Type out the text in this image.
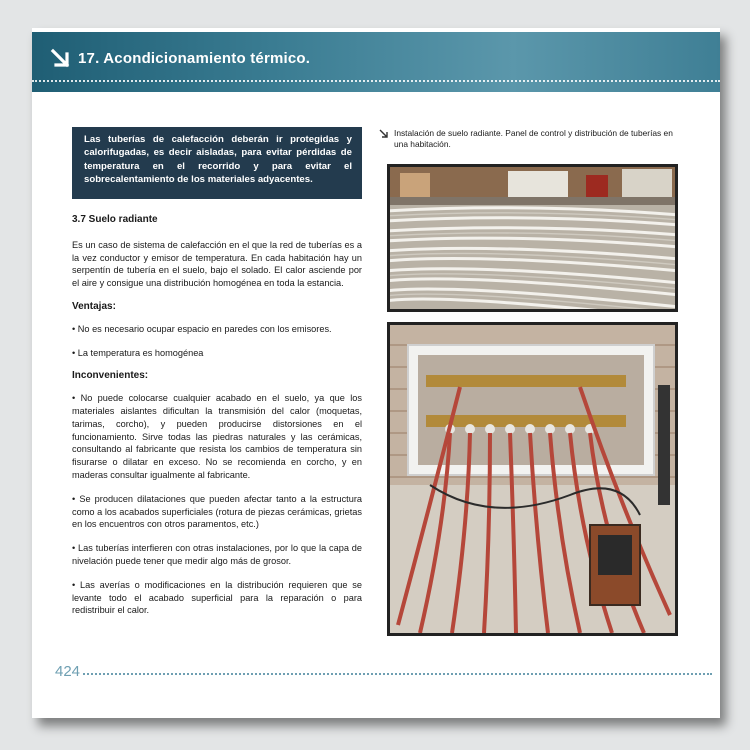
17. Acondicionamiento térmico.
Las tuberías de calefacción deberán ir protegidas y calorifugadas, es decir aisladas, para evitar pérdidas de temperatura en el recorrido y para evitar el sobrecalentamiento de los materiales adyacentes.
3.7 Suelo radiante

Es un caso de sistema de calefacción en el que la red de tuberías es a la vez conductor y emisor de temperatura. En cada habitación hay un serpentín de tubería en el suelo, bajo el solado. El calor asciende por el aire y consigue una distribución homogénea en toda la estancia.

Ventajas:

• No es necesario ocupar espacio en paredes con los emisores.

• La temperatura es homogénea

Inconvenientes:

• No puede colocarse cualquier acabado en el suelo, ya que los materiales aislantes dificultan la transmisión del calor (moquetas, tarimas, corcho), y pueden producirse distorsiones en el funcionamiento. Sirve todas las piedras naturales y las cerámicas, consultando al fabricante que resista los cambios de temperatura sin fisurarse o dilatar en exceso. No se recomienda en corcho, y en maderas consultar igualmente al fabricante.

• Se producen dilataciones que pueden afectar tanto a la estructura como a los acabados superficiales (rotura de piezas cerámicas, grietas en los encuentros con otros paramentos, etc.)

• Las tuberías interfieren con otras instalaciones, por lo que la capa de nivelación puede tener que medir algo más de grosor.

• Las averías o modificaciones en la distribución requieren que se levante todo el acabado superficial para la reparación o para redistribuir el calor.

Instalación de suelo radiante. Panel de control y distribución de tuberías en una habitación.
424
